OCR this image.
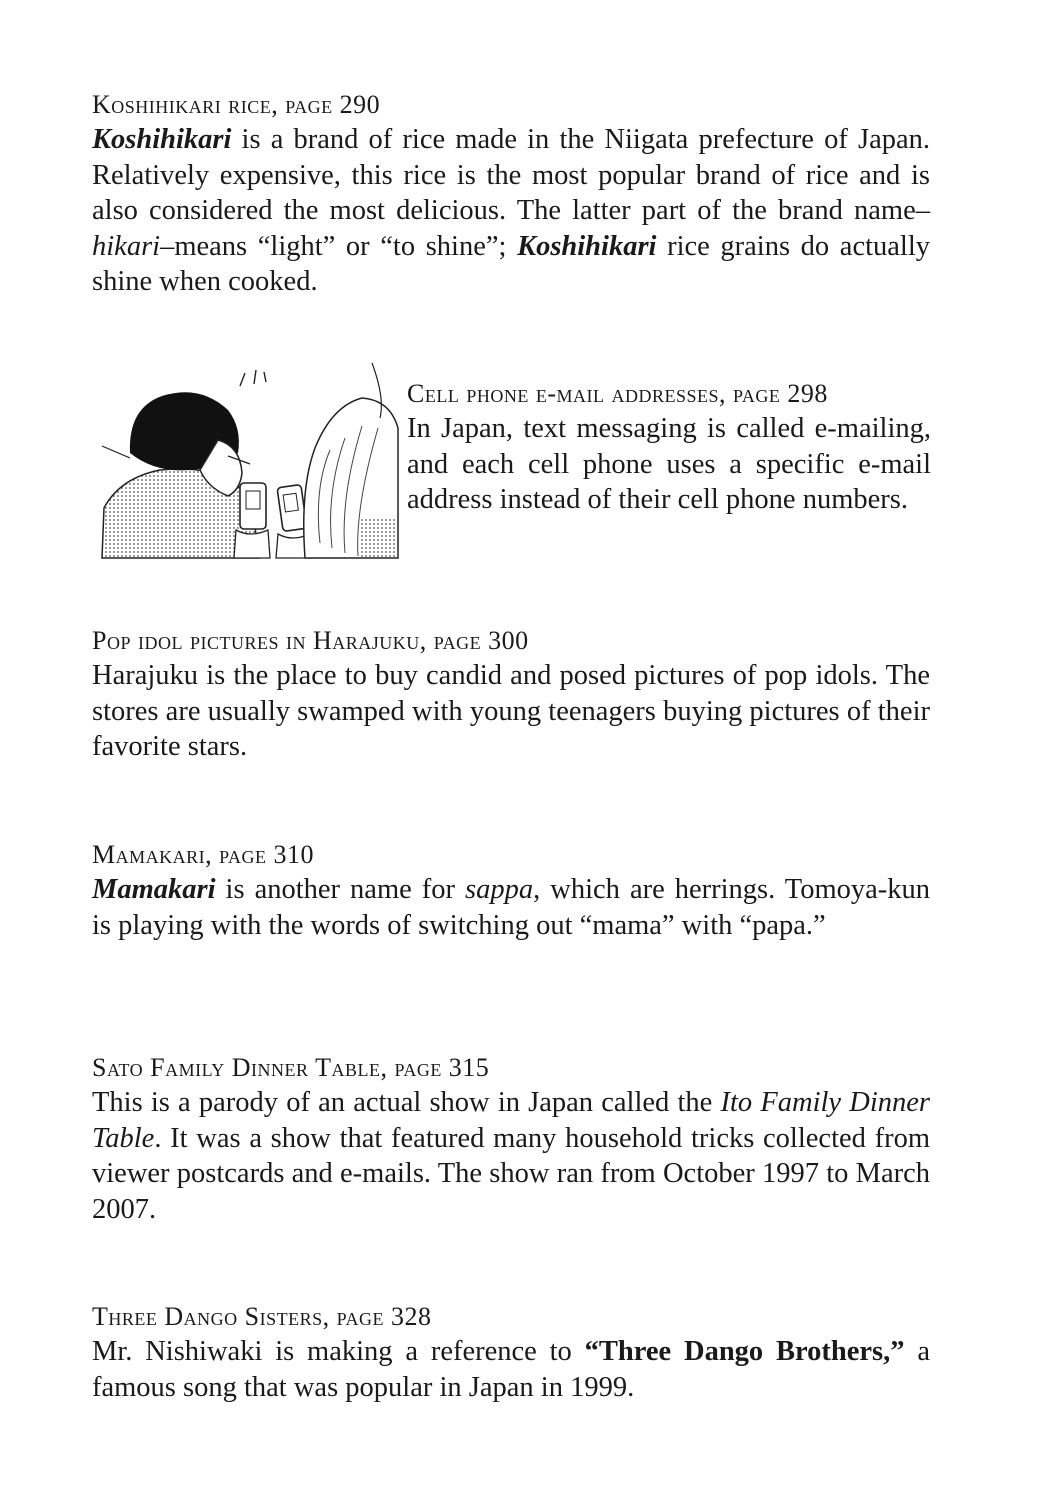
Koshihikari rice, page 290

Koshihikari is a brand of rice made in the Niigata prefecture of Japan. Relatively expensive, this rice is the most popular brand of rice and is also considered the most delicious. The latter part of the brand name– hikari–means “light” or “to shine”; Koshihikari rice grains do actually shine when cooked.

Cell phone e-mail addresses, page 298

In Japan, text messaging is called e-mailing, and each cell phone uses a specific e-mail address instead of their cell phone numbers.

Pop idol pictures in Harajuku, page 300

Harajuku is the place to buy candid and posed pictures of pop idols. The stores are usually swamped with young teenagers buying pictures of their favorite stars.

Mamakari, page 310

Mamakari is another name for sappa, which are herrings. Tomoya-kun is playing with the words of switching out “mama” with “papa.”

Sato Family Dinner Table, page 315

This is a parody of an actual show in Japan called the Ito Family Dinner Table. It was a show that featured many household tricks collected from viewer postcards and e-mails. The show ran from October 1997 to March 2007.

Three Dango Sisters, page 328

Mr. Nishiwaki is making a reference to “Three Dango Brothers,” a famous song that was popular in Japan in 1999.
